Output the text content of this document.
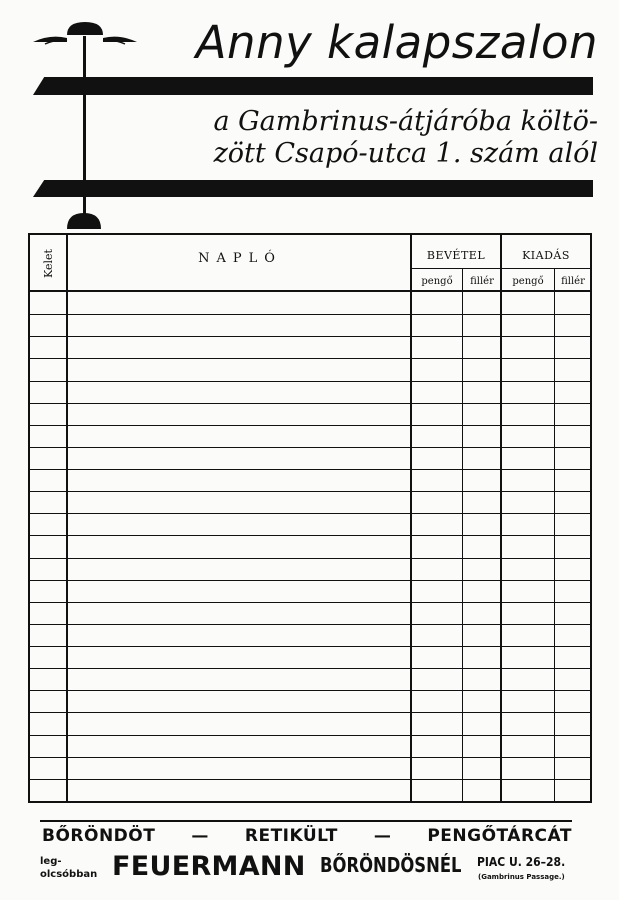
Anny kalapszalon
a Gambrinus-átjáróba költö-
zött Csapó-utca 1. szám alól
Kelet	NAPLÓ	BEVÉTEL	KIADÁS
pengő	fillér	pengő	fillér
BŐRÖNDÖT — RETIKÜLT — PENGŐTÁRCÁT
leg-
olcsóbban FEUERMANN BŐRÖNDÖSNÉL PIAC U. 26–28.
(Gambrinus Passage.)
